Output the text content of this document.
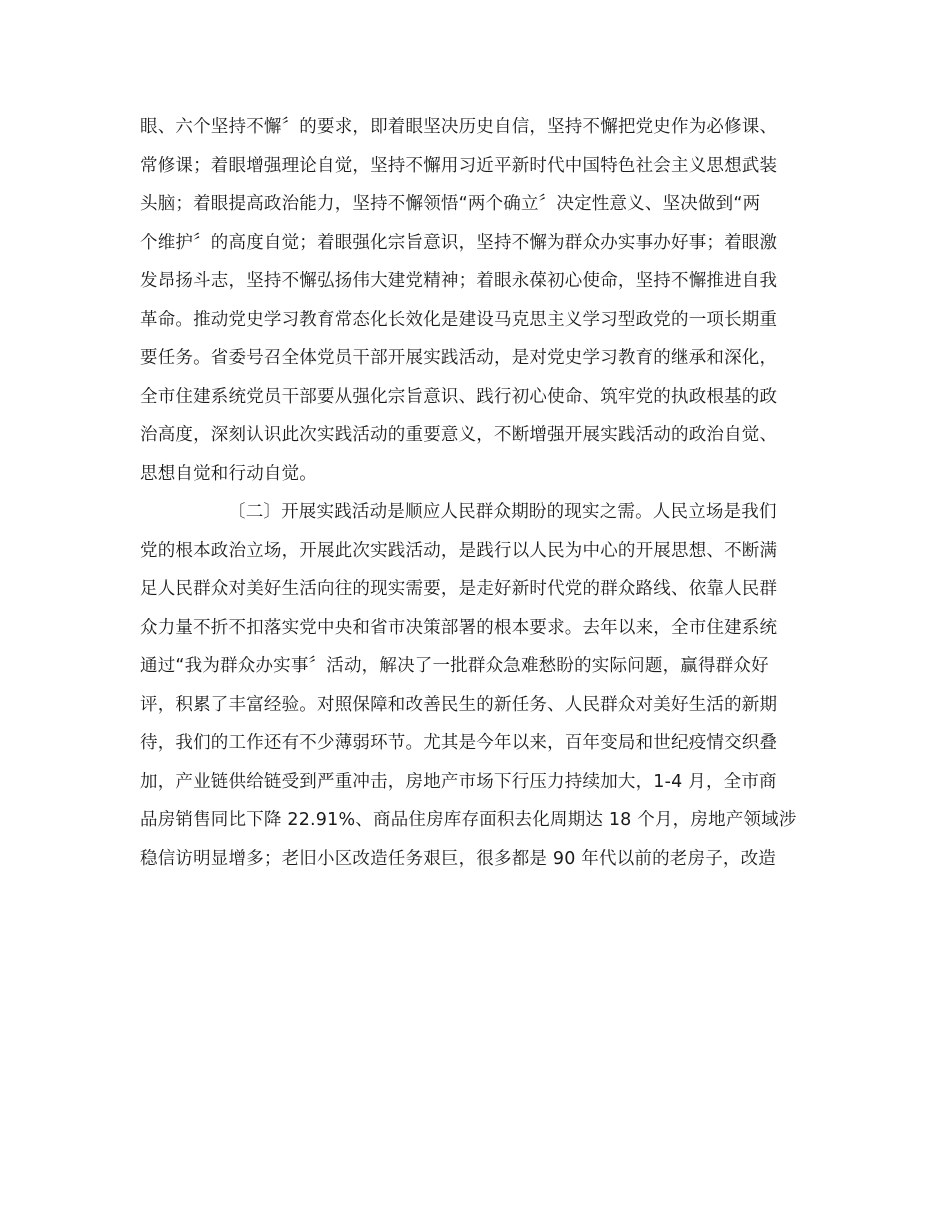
眼、六个坚持不懈〞的要求，即着眼坚决历史自信，坚持不懈把党史作为必修课、
常修课；着眼增强理论自觉，坚持不懈用习近平新时代中国特色社会主义思想武装
头脑；着眼提高政治能力，坚持不懈领悟“两个确立〞决定性意义、坚决做到“两
个维护〞的高度自觉；着眼强化宗旨意识，坚持不懈为群众办实事办好事；着眼激
发昂扬斗志，坚持不懈弘扬伟大建党精神；着眼永葆初心使命，坚持不懈推进自我
革命。推动党史学习教育常态化长效化是建设马克思主义学习型政党的一项长期重
要任务。省委号召全体党员干部开展实践活动，是对党史学习教育的继承和深化，
全市住建系统党员干部要从强化宗旨意识、践行初心使命、筑牢党的执政根基的政
治高度，深刻认识此次实践活动的重要意义，不断增强开展实践活动的政治自觉、
思想自觉和行动自觉。
〔二〕开展实践活动是顺应人民群众期盼的现实之需。人民立场是我们
党的根本政治立场，开展此次实践活动，是践行以人民为中心的开展思想、不断满
足人民群众对美好生活向往的现实需要，是走好新时代党的群众路线、依靠人民群
众力量不折不扣落实党中央和省市决策部署的根本要求。去年以来，全市住建系统
通过“我为群众办实事〞活动，解决了一批群众急难愁盼的实际问题，赢得群众好
评，积累了丰富经验。对照保障和改善民生的新任务、人民群众对美好生活的新期
待，我们的工作还有不少薄弱环节。尤其是今年以来，百年变局和世纪疫情交织叠
加，产业链供给链受到严重冲击，房地产市场下行压力持续加大，1-4 月，全市商
品房销售同比下降 22.91%、商品住房库存面积去化周期达 18 个月，房地产领域涉
稳信访明显增多；老旧小区改造任务艰巨，很多都是 90 年代以前的老房子，改造
